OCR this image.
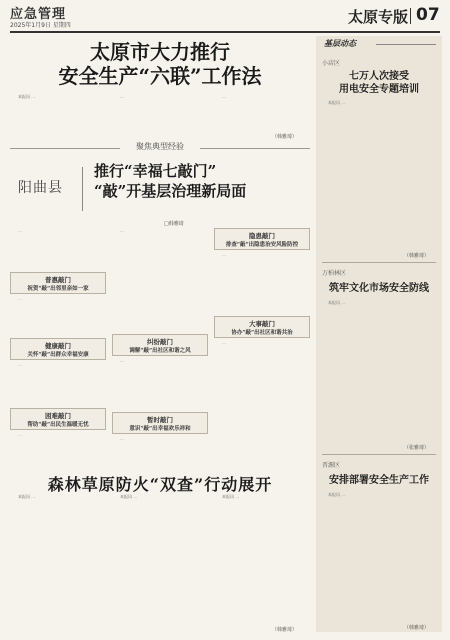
应急管理
2025年1月9日 星期四	太原专版 07
太原市大力推行
安全生产“六联”工作法

本报讯 …	…	…

（韩雅琦）
聚焦典型经验
阳曲县
推行“幸福七敲门”
“敲”开基层治理新局面
□韩雅琦

…

普惠敲门
祝贺“敲”出邻里亲如一家

…

健康敲门
关怀“敲”出群众幸福安康

…

困难敲门
帮助“敲”出民生温暖无忧

…

…

纠纷敲门
调解“敲”出社区和谐之风

…

暂时敲门
意识“敲”出幸福欢乐祥和

…

隐患敲门
排查“敲”出隐患治安风险防控

…

大事敲门
协办“敲”出社区和谐共治

…

森林草原防火“双查”行动展开

本报讯 …	本报讯 …	本报讯 …

（韩雅琦）
基层动态
小店区
七万人次接受
用电安全专题培训

本报讯 …

（韩雅琦）
万柏林区
筑牢文化市场安全防线

本报讯 …

（张雅琦）
晋源区
安排部署安全生产工作

本报讯 …

（韩雅琦）
